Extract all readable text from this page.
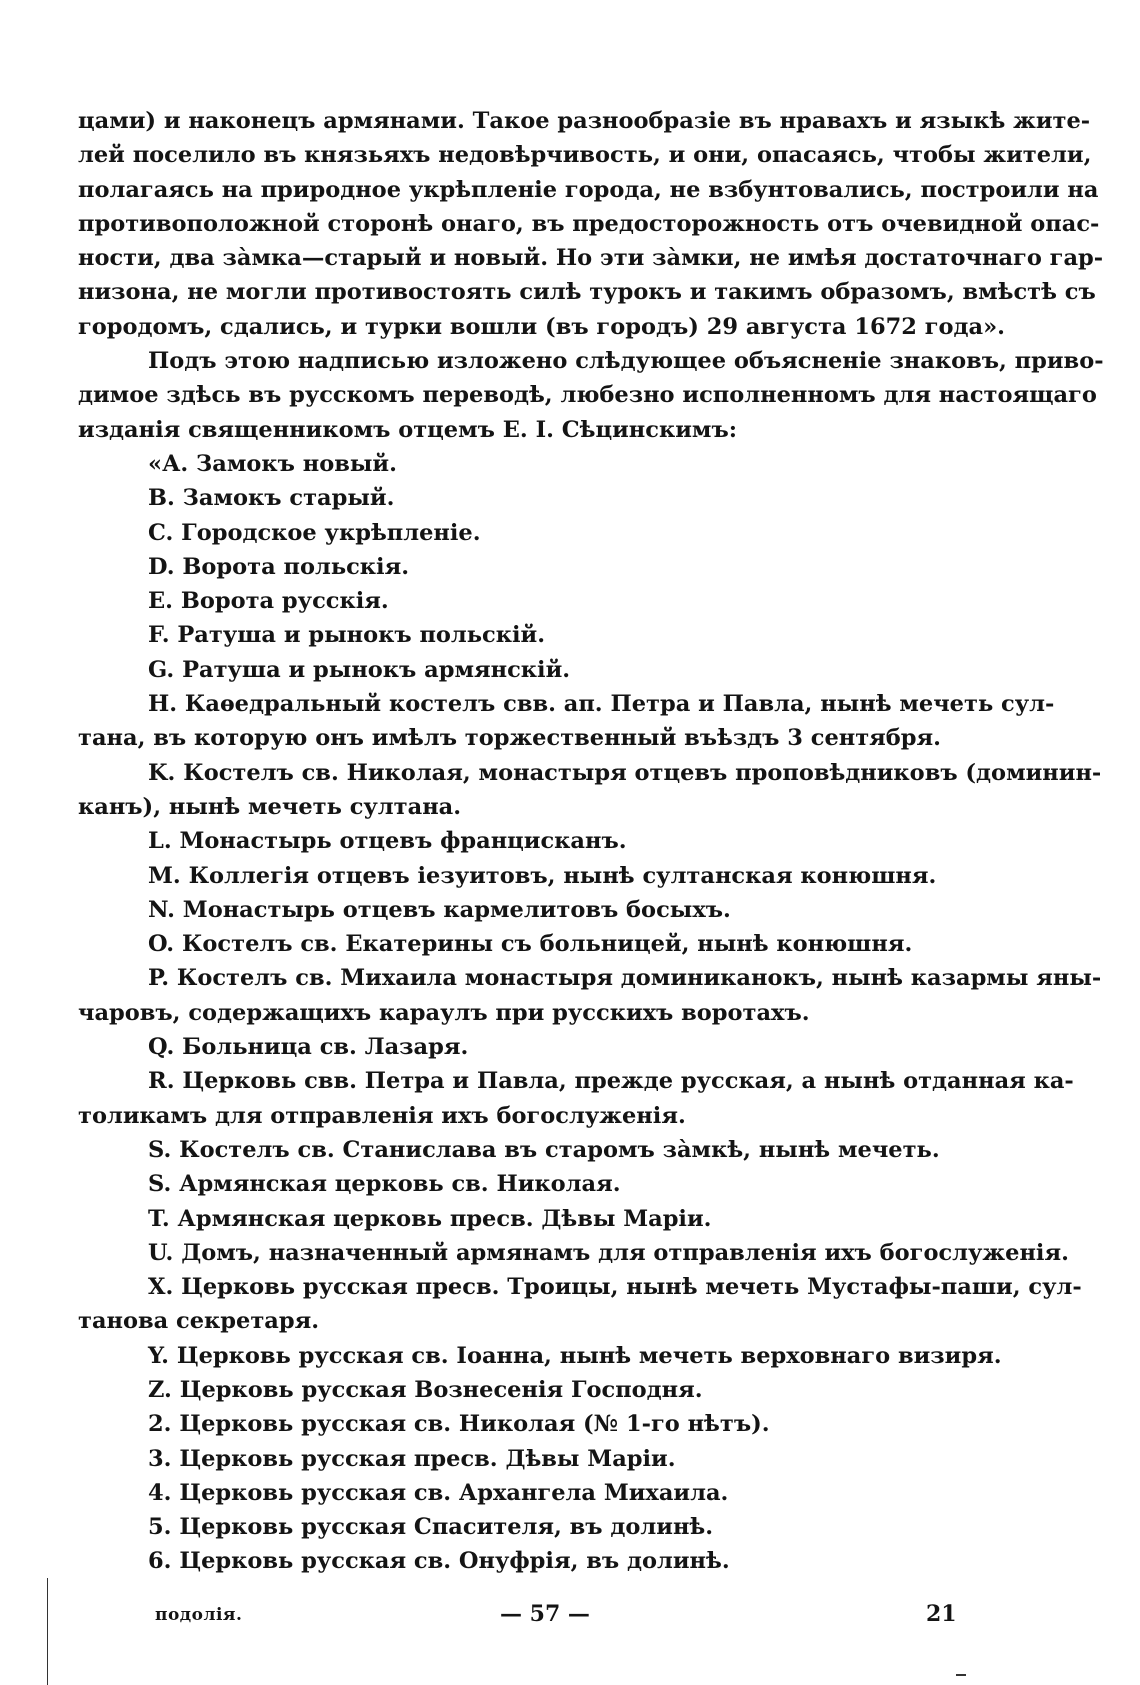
цами) и наконецъ армянами. Такое разнообразіе въ нравахъ и языкѣ жите-
лей поселило въ князьяхъ недовѣрчивость, и они, опасаясь, чтобы жители,
полагаясь на природное укрѣпленіе города, не взбунтовались, построили на
противоположной сторонѣ онаго, въ предосторожность отъ очевидной опас-
ности, два зàмка—старый и новый. Но эти зàмки, не имѣя достаточнаго гар-
низона, не могли противостоять силѣ турокъ и такимъ образомъ, вмѣстѣ съ
городомъ, сдались, и турки вошли (въ городъ) 29 августа 1672 года».
Подъ этою надписью изложено слѣдующее объясненіе знаковъ, приво-
димое здѣсь въ русскомъ переводѣ, любезно исполненномъ для настоящаго
изданія священникомъ отцемъ Е. І. Сѣцинскимъ:
«А. Замокъ новый.
В. Замокъ старый.
C. Городское укрѣпленіе.
D. Ворота польскія.
E. Ворота русскія.
F. Ратуша и рынокъ польскій.
G. Ратуша и рынокъ армянскій.
H. Каѳедральный костелъ свв. ап. Петра и Павла, нынѣ мечеть сул-
тана, въ которую онъ имѣлъ торжественный въѣздъ 3 сентября.
K. Костелъ св. Николая, монастыря отцевъ проповѣдниковъ (доминин-
канъ), нынѣ мечеть султана.
L. Монастырь отцевъ францисканъ.
M. Коллегія отцевъ іезуитовъ, нынѣ султанская конюшня.
N. Монастырь отцевъ кармелитовъ босыхъ.
O. Костелъ св. Екатерины съ больницей, нынѣ конюшня.
P. Костелъ св. Михаила монастыря доминиканокъ, нынѣ казармы яны-
чаровъ, содержащихъ караулъ при русскихъ воротахъ.
Q. Больница св. Лазаря.
R. Церковь свв. Петра и Павла, прежде русская, а нынѣ отданная ка-
толикамъ для отправленія ихъ богослуженія.
S. Костелъ св. Станислава въ старомъ зàмкѣ, нынѣ мечеть.
S. Армянская церковь св. Николая.
T. Армянская церковь пресв. Дѣвы Маріи.
U. Домъ, назначенный армянамъ для отправленія ихъ богослуженія.
X. Церковь русская пресв. Троицы, нынѣ мечеть Мустафы-паши, сул-
танова секретаря.
Y. Церковь русская св. Іоанна, нынѣ мечеть верховнаго визиря.
Z. Церковь русская Вознесенія Господня.
2. Церковь русская св. Николая (№ 1-го нѣтъ).
3. Церковь русская пресв. Дѣвы Маріи.
4. Церковь русская св. Архангела Михаила.
5. Церковь русская Спасителя, въ долинѣ.
6. Церковь русская св. Онуфрія, въ долинѣ.
подолія.	— 57 —	21
